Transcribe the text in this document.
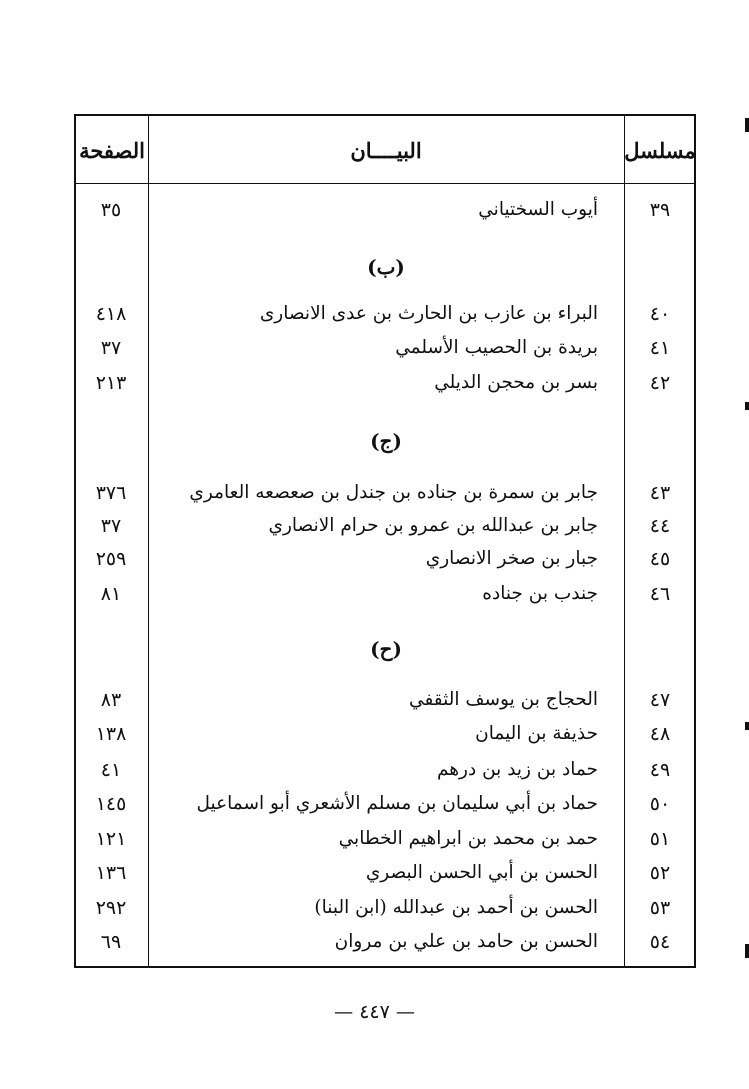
الصفحة	البيــــان	مسلسل
٣٩
أيوب السختياني
٣٥
(ب)
٤٠
البراء بن عازب بن الحارث بن عدى الانصارى
٤١٨
٤١
بريدة بن الحصيب الأسلمي
٣٧
٤٢
بسر بن محجن الديلي
٢١٣
(ج)
٤٣
جابر بن سمرة بن جناده بن جندل بن صعصعه العامري
٣٧٦
٤٤
جابر بن عبدالله بن عمرو بن حرام الانصاري
٣٧
٤٥
جبار بن صخر الانصاري
٢٥٩
٤٦
جندب بن جناده
٨١
(ح)
٤٧
الحجاج بن يوسف الثقفي
٨٣
٤٨
حذيفة بن اليمان
١٣٨
٤٩
حماد بن زيد بن درهم
٤١
٥٠
حماد بن أبي سليمان بن مسلم الأشعري أبو اسماعيل
١٤٥
٥١
حمد بن محمد بن ابراهيم الخطابي
١٢١
٥٢
الحسن بن أبي الحسن البصري
١٣٦
٥٣
الحسن بن أحمد بن عبدالله (ابن البنا)
٢٩٢
٥٤
الحسن بن حامد بن علي بن مروان
٦٩
— ٤٤٧ —
